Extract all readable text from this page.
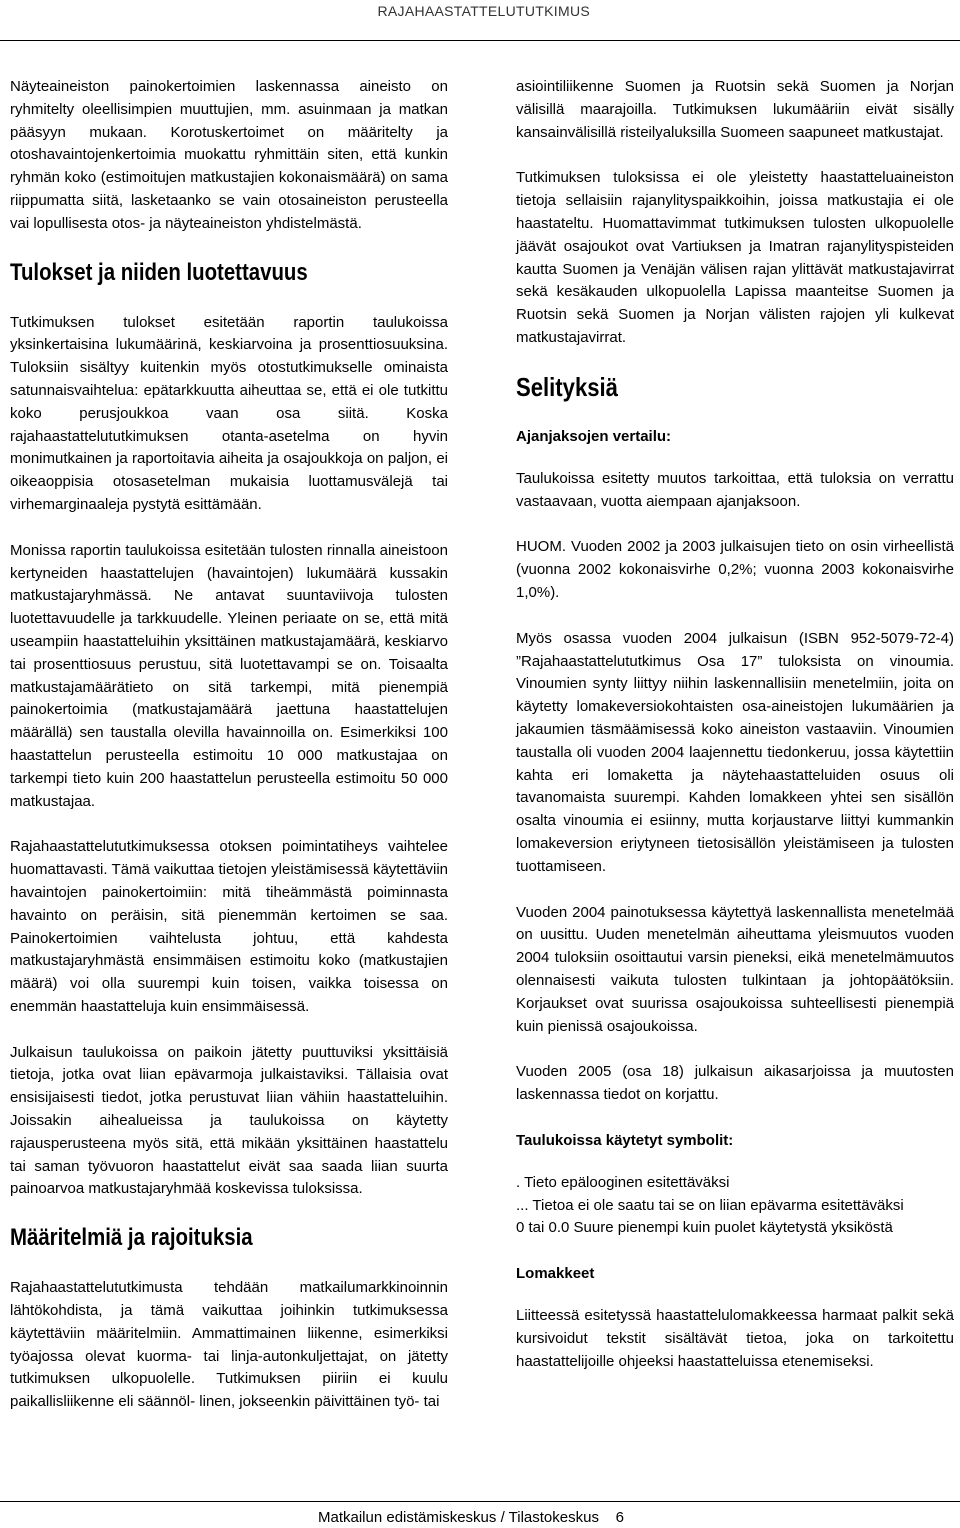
RAJAHAASTATTELUTUTKIMUS

Näyteaineiston painokertoimien laskennassa aineisto on ryhmitelty oleellisimpien muuttujien, mm. asuinmaan ja matkan pääsyyn mukaan. Korotuskertoimet on määritelty ja otoshavaintojenkertoimia muokattu ryhmittäin siten, että kunkin ryhmän koko (estimoitujen matkustajien kokonaismäärä) on sama riippumatta siitä, lasketaanko se vain otosaineiston perusteella vai lopullisesta otos- ja näyteaineiston yhdistelmästä.

Tulokset ja niiden luotettavuus

Tutkimuksen tulokset esitetään raportin taulukoissa yksinkertaisina lukumäärinä, keskiarvoina ja prosenttiosuuksina. Tuloksiin sisältyy kuitenkin myös otostutkimukselle ominaista satunnaisvaihtelua: epätarkkuutta aiheuttaa se, että ei ole tutkittu koko perusjoukkoa vaan osa siitä. Koska rajahaastattelututkimuksen otanta-asetelma on hyvin monimutkainen ja raportoitavia aiheita ja osajoukkoja on paljon, ei oikeaoppisia otosasetelman mukaisia luottamusvälejä tai virhemarginaaleja pystytä esittämään.

Monissa raportin taulukoissa esitetään tulosten rinnalla aineistoon kertyneiden haastattelujen (havaintojen) lukumäärä kussakin matkustajaryhmässä. Ne antavat suuntaviivoja tulosten luotettavuudelle ja tarkkuudelle. Yleinen periaate on se, että mitä useampiin haastatteluihin yksittäinen matkustajamäärä, keskiarvo tai prosenttiosuus perustuu, sitä luotettavampi se on. Toisaalta matkustajamäärätieto on sitä tarkempi, mitä pienempiä painokertoimia (matkustajamäärä jaettuna haastattelujen määrällä) sen taustalla olevilla havainnoilla on. Esimerkiksi 100 haastattelun perusteella estimoitu 10 000 matkustajaa on tarkempi tieto kuin 200 haastattelun perusteella estimoitu 50 000 matkustajaa.

Rajahaastattelututkimuksessa otoksen poimintatiheys vaihtelee huomattavasti. Tämä vaikuttaa tietojen yleistämisessä käytettäviin havaintojen painokertoimiin: mitä tiheämmästä poiminnasta havainto on peräisin, sitä pienemmän kertoimen se saa. Painokertoimien vaihtelusta johtuu, että kahdesta matkustajaryhmästä ensimmäisen estimoitu koko (matkustajien määrä) voi olla suurempi kuin toisen, vaikka toisessa on enemmän haastatteluja kuin ensimmäisessä.

Julkaisun taulukoissa on paikoin jätetty puuttuviksi yksittäisiä tietoja, jotka ovat liian epävarmoja julkaistaviksi. Tällaisia ovat ensisijaisesti tiedot, jotka perustuvat liian vähiin haastatteluihin. Joissakin aihealueissa ja taulukoissa on käytetty rajausperusteena myös sitä, että mikään yksittäinen haastattelu tai saman työvuoron haastattelut eivät saa saada liian suurta painoarvoa matkustajaryhmää koskevissa tuloksissa.

Määritelmiä ja rajoituksia

Rajahaastattelututkimusta tehdään matkailumarkkinoinnin lähtökohdista, ja tämä vaikuttaa joihinkin tutkimuksessa käytettäviin määritelmiin. Ammattimainen liikenne, esimerkiksi työajossa olevat kuorma- tai linja-autonkuljettajat, on jätetty tutkimuksen ulkopuolelle. Tutkimuksen piiriin ei kuulu paikallisliikenne eli säännöl- linen, jokseenkin päivittäinen työ- tai

asiointiliikenne Suomen ja Ruotsin sekä Suomen ja Norjan välisillä maarajoilla. Tutkimuksen lukumääriin eivät sisälly kansainvälisillä risteilyaluksilla Suomeen saapuneet matkustajat.

Tutkimuksen tuloksissa ei ole yleistetty haastatteluaineiston tietoja sellaisiin rajanylityspaikkoihin, joissa matkustajia ei ole haastateltu. Huomattavimmat tutkimuksen tulosten ulkopuolelle jäävät osajoukot ovat Vartiuksen ja Imatran rajanylityspisteiden kautta Suomen ja Venäjän välisen rajan ylittävät matkustajavirrat sekä kesäkauden ulkopuolella Lapissa maanteitse Suomen ja Ruotsin sekä Suomen ja Norjan välisten rajojen yli kulkevat matkustajavirrat.

Selityksiä
Ajanjaksojen vertailu:

Taulukoissa esitetty muutos tarkoittaa, että tuloksia on verrattu vastaavaan, vuotta aiempaan ajanjaksoon.

HUOM. Vuoden 2002 ja 2003 julkaisujen tieto on osin virheellistä (vuonna 2002 kokonaisvirhe 0,2%; vuonna 2003 kokonaisvirhe 1,0%).

Myös osassa vuoden 2004 julkaisun (ISBN 952-5079-72-4) ”Rajahaastattelututkimus Osa 17” tuloksista on vinoumia. Vinoumien synty liittyy niihin laskennallisiin menetelmiin, joita on käytetty lomakeversiokohtaisten osa-aineistojen lukumäärien ja jakaumien täsmäämisessä koko aineiston vastaaviin. Vinoumien taustalla oli vuoden 2004 laajennettu tiedonkeruu, jossa käytettiin kahta eri lomaketta ja näytehaastatteluiden osuus oli tavanomaista suurempi. Kahden lomakkeen yhtei sen sisällön osalta vinoumia ei esiinny, mutta korjaustarve liittyi kummankin lomakeversion eriytyneen tietosisällön yleistämiseen ja tulosten tuottamiseen.

Vuoden 2004 painotuksessa käytettyä laskennallista menetelmää on uusittu. Uuden menetelmän aiheuttama yleismuutos vuoden 2004 tuloksiin osoittautui varsin pieneksi, eikä menetelmämuutos olennaisesti vaikuta tulosten tulkintaan ja johtopäätöksiin. Korjaukset ovat suurissa osajoukoissa suhteellisesti pienempiä kuin pienissä osajoukoissa.

Vuoden 2005 (osa 18) julkaisun aikasarjoissa ja muutosten laskennassa tiedot on korjattu.

Taulukoissa käytetyt symbolit:

. Tieto epälooginen esitettäväksi

... Tietoa ei ole saatu tai se on liian epävarma esitettäväksi

0 tai 0.0 Suure pienempi kuin puolet käytetystä yksiköstä

Lomakkeet

Liitteessä esitetyssä haastattelulomakkeessa harmaat palkit sekä kursivoidut tekstit sisältävät tietoa, joka on tarkoitettu haastattelijoille ohjeeksi haastatteluissa etenemiseksi.

Matkailun edistämiskeskus / Tilastokeskus 6
